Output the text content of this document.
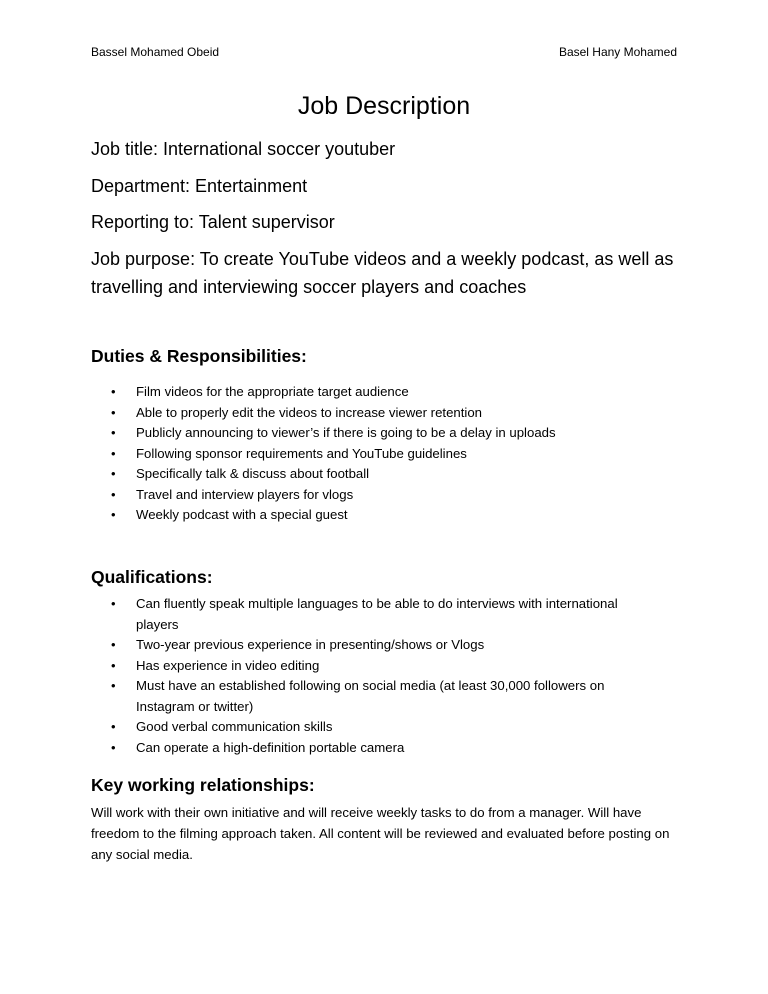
Bassel Mohamed Obeid	Basel Hany Mohamed
Job Description
Job title: International soccer youtuber
Department: Entertainment
Reporting to: Talent supervisor
Job purpose: To create YouTube videos and a weekly podcast, as well as travelling and interviewing soccer players and coaches
Duties & Responsibilities:
• Film videos for the appropriate target audience
• Able to properly edit the videos to increase viewer retention
• Publicly announcing to viewer’s if there is going to be a delay in uploads
• Following sponsor requirements and YouTube guidelines
• Specifically talk & discuss about football
• Travel and interview players for vlogs
• Weekly podcast with a special guest
Qualifications:
• Can fluently speak multiple languages to be able to do interviews with international players
• Two-year previous experience in presenting/shows or Vlogs
• Has experience in video editing
• Must have an established following on social media (at least 30,000 followers on Instagram or twitter)
• Good verbal communication skills
• Can operate a high-definition portable camera
Key working relationships:
Will work with their own initiative and will receive weekly tasks to do from a manager. Will have freedom to the filming approach taken. All content will be reviewed and evaluated before posting on any social media.
